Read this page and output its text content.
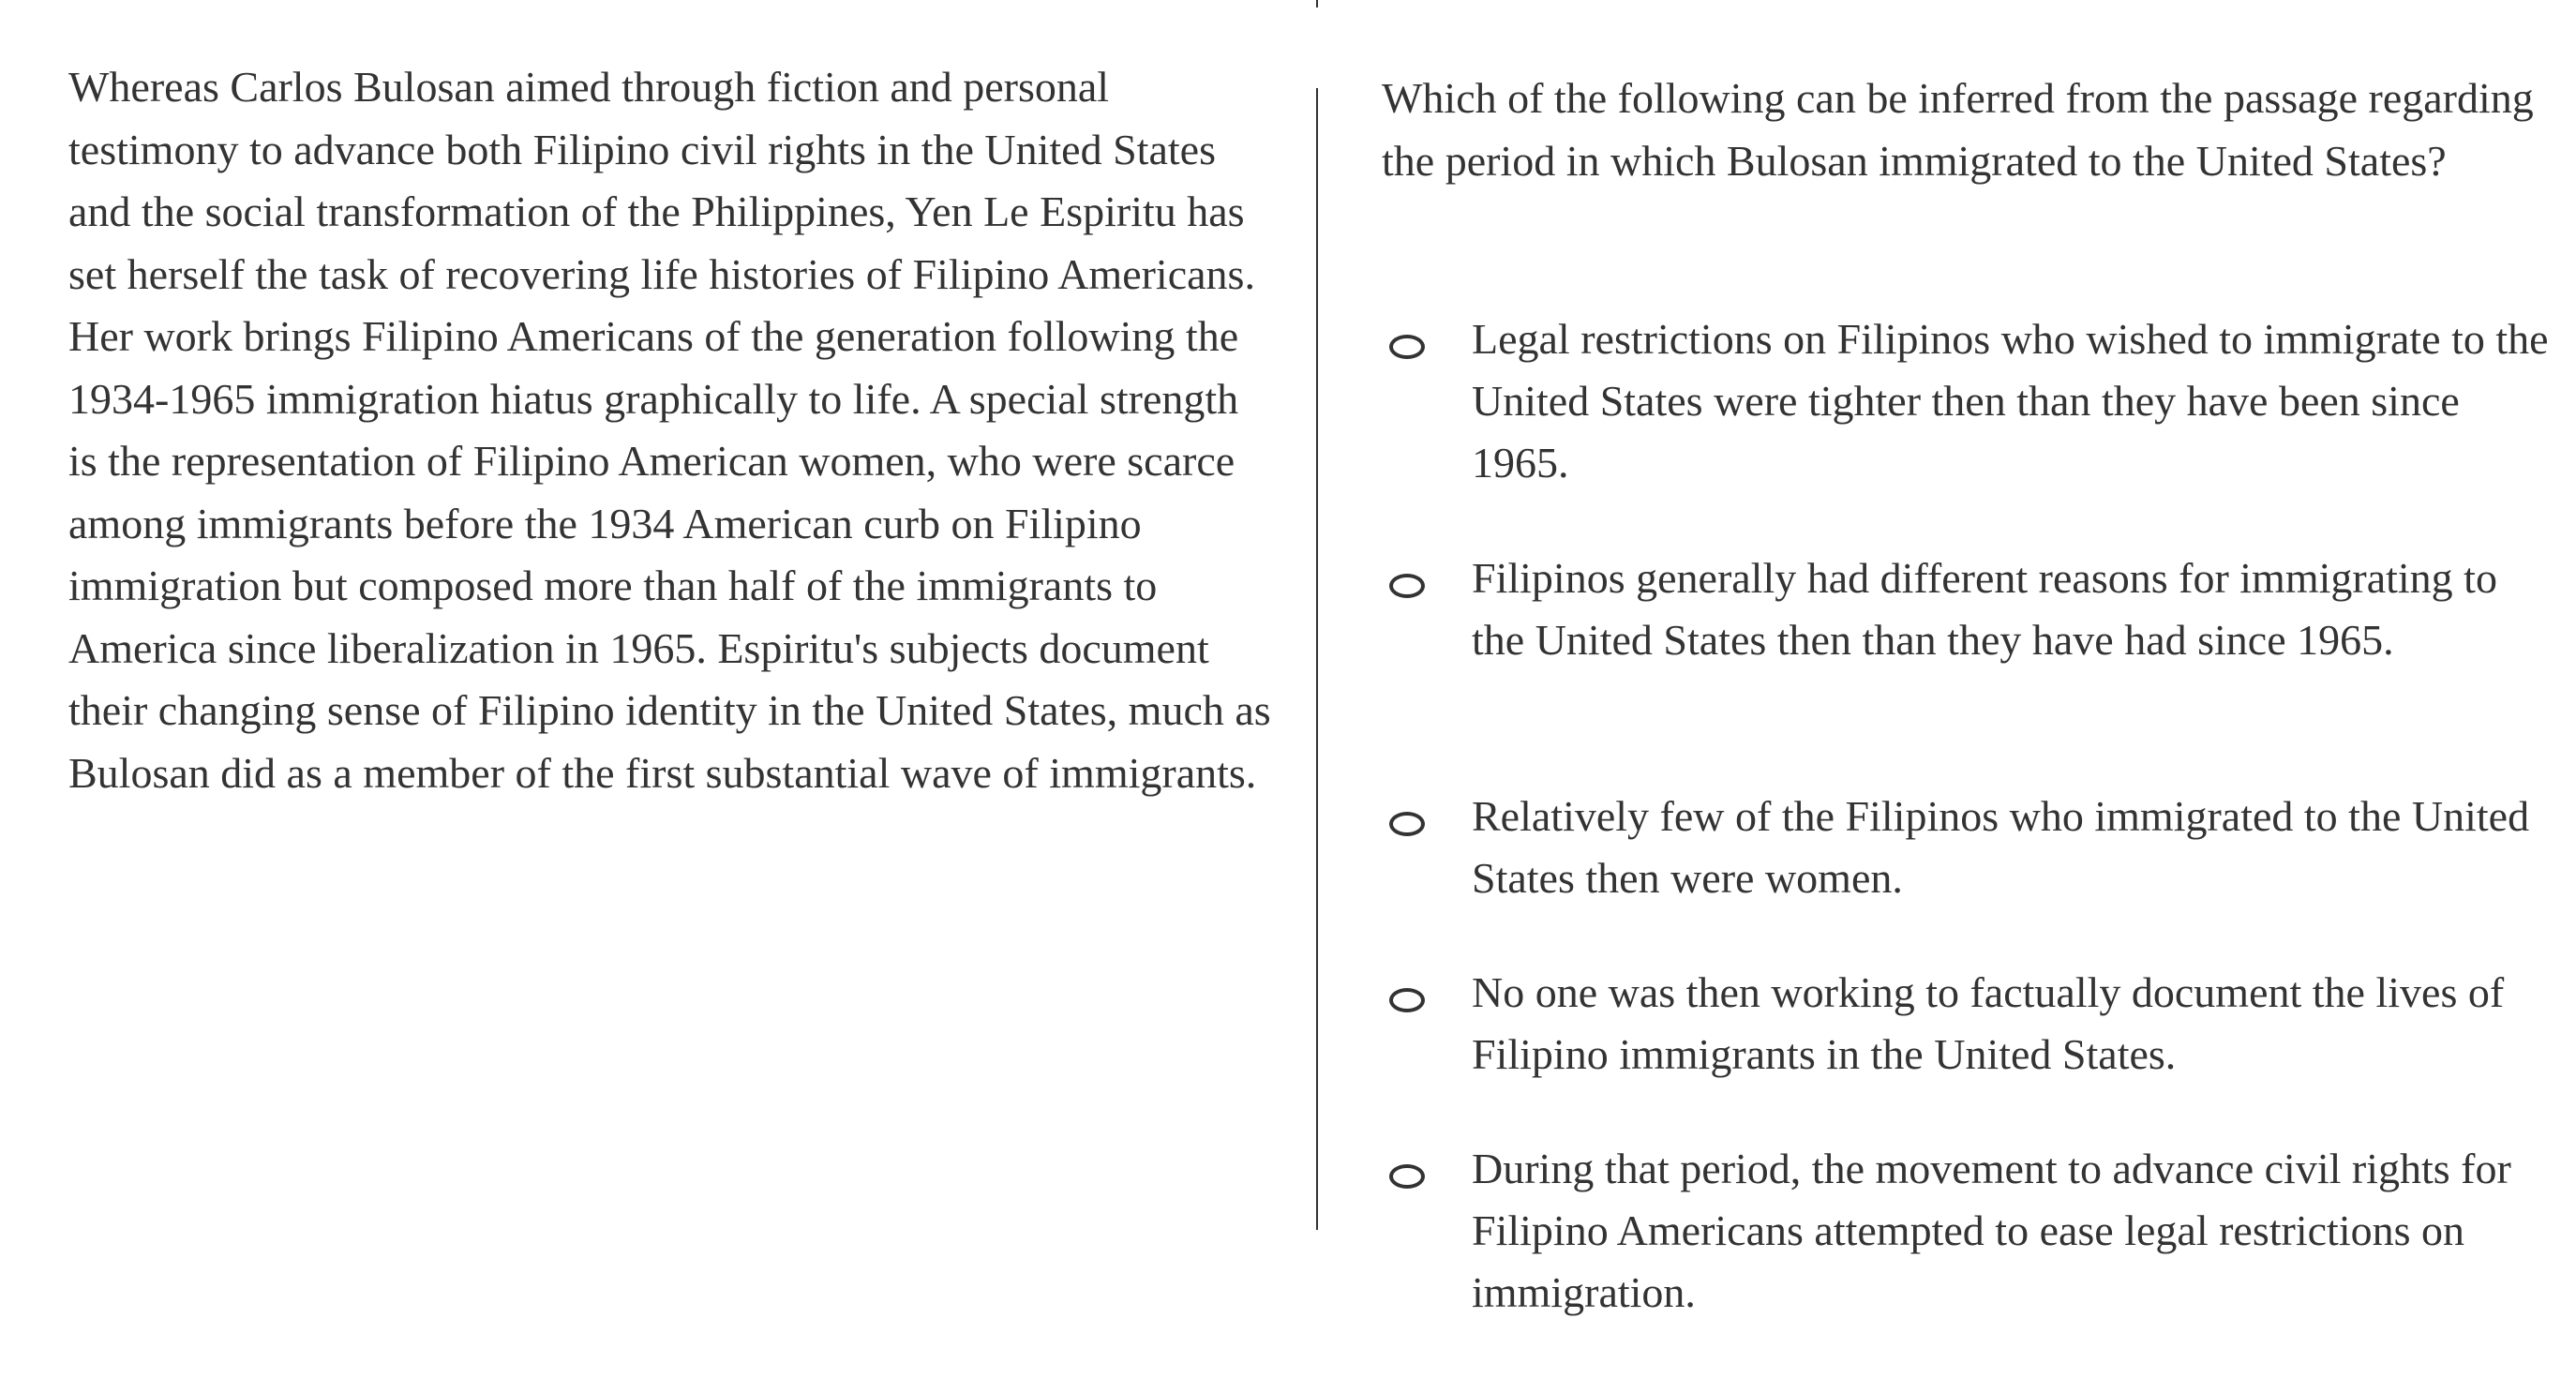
Whereas Carlos Bulosan aimed through fiction and personal testimony to advance both Filipino civil rights in the United States and the social transformation of the Philippines, Yen Le Espiritu has set herself the task of recovering life histories of Filipino Americans. Her work brings Filipino Americans of the generation following the 1934-1965 immigration hiatus graphically to life. A special strength is the representation of Filipino American women, who were scarce among immigrants before the 1934 American curb on Filipino immigration but composed more than half of the immigrants to America since liberalization in 1965. Espiritu's subjects document their changing sense of Filipino identity in the United States, much as Bulosan did as a member of the first substantial wave of immigrants.

Which of the following can be inferred from the passage regarding the period in which Bulosan immigrated to the United States?

Legal restrictions on Filipinos who wished to immigrate to the United States were tighter then than they have been since 1965.
Filipinos generally had different reasons for immigrating to the United States then than they have had since 1965.
Relatively few of the Filipinos who immigrated to the United States then were women.
No one was then working to factually document the lives of Filipino immigrants in the United States.
During that period, the movement to advance civil rights for Filipino Americans attempted to ease legal restrictions on immigration.
